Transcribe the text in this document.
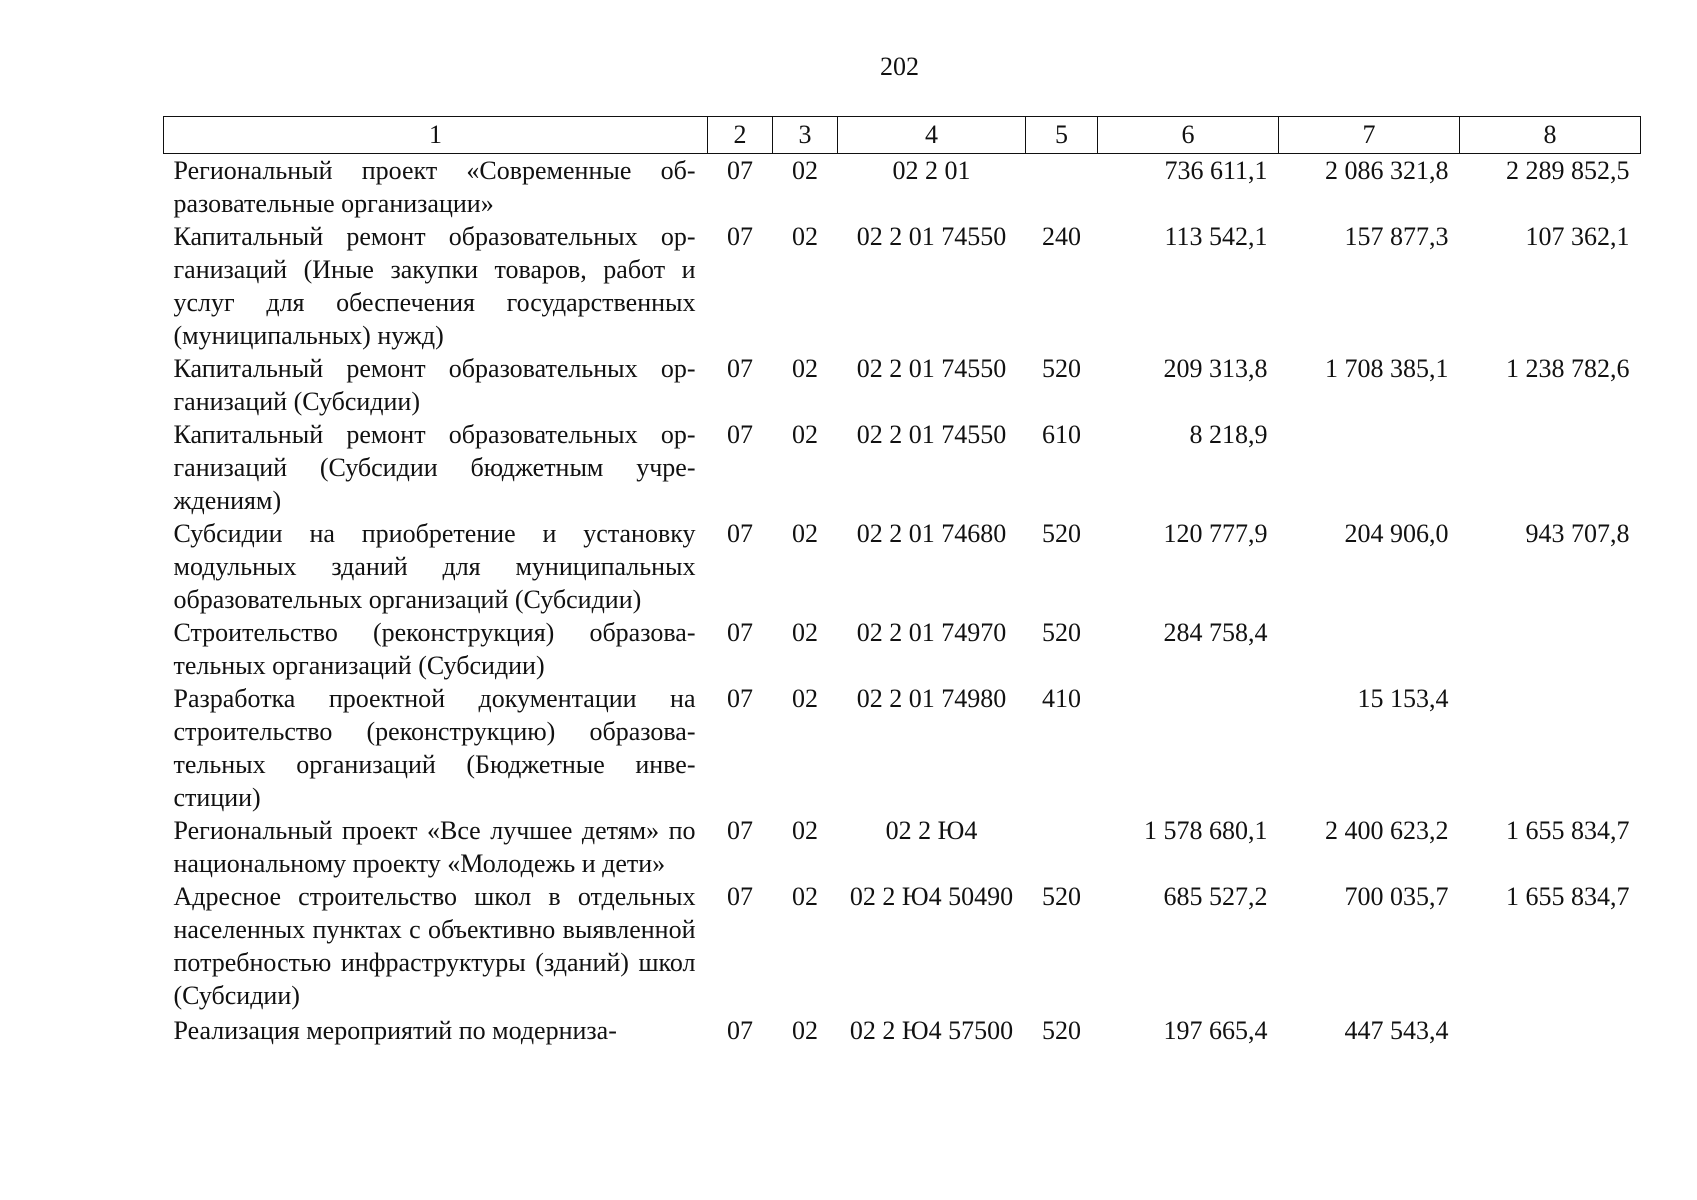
202
1	2	3	4	5	6	7	8
Региональный проект «Современные образовательные организации»	07	02	02 2 01		736 611,1	2 086 321,8	2 289 852,5
Капитальный ремонт образовательных организаций (Иные закупки товаров, работ и услуг для обеспечения государственных (муниципальных) нужд)	07	02	02 2 01 74550	240	113 542,1	157 877,3	107 362,1
Капитальный ремонт образовательных организаций (Субсидии)	07	02	02 2 01 74550	520	209 313,8	1 708 385,1	1 238 782,6
Капитальный ремонт образовательных организаций (Субсидии бюджетным учреждениям)	07	02	02 2 01 74550	610	8 218,9		
Субсидии на приобретение и установку модульных зданий для муниципальных образовательных организаций (Субсидии)	07	02	02 2 01 74680	520	120 777,9	204 906,0	943 707,8
Строительство (реконструкция) образовательных организаций (Субсидии)	07	02	02 2 01 74970	520	284 758,4		
Разработка проектной документации на строительство (реконструкцию) образовательных организаций (Бюджетные инвестиции)	07	02	02 2 01 74980	410		15 153,4	
Региональный проект «Все лучшее детям» по национальному проекту «Молодежь и дети»	07	02	02 2 Ю4		1 578 680,1	2 400 623,2	1 655 834,7
Адресное строительство школ в отдельных населенных пунктах с объективно выявленной потребностью инфраструктуры (зданий) школ (Субсидии)	07	02	02 2 Ю4 50490	520	685 527,2	700 035,7	1 655 834,7
Реализация мероприятий по модерниза-	07	02	02 2 Ю4 57500	520	197 665,4	447 543,4	
